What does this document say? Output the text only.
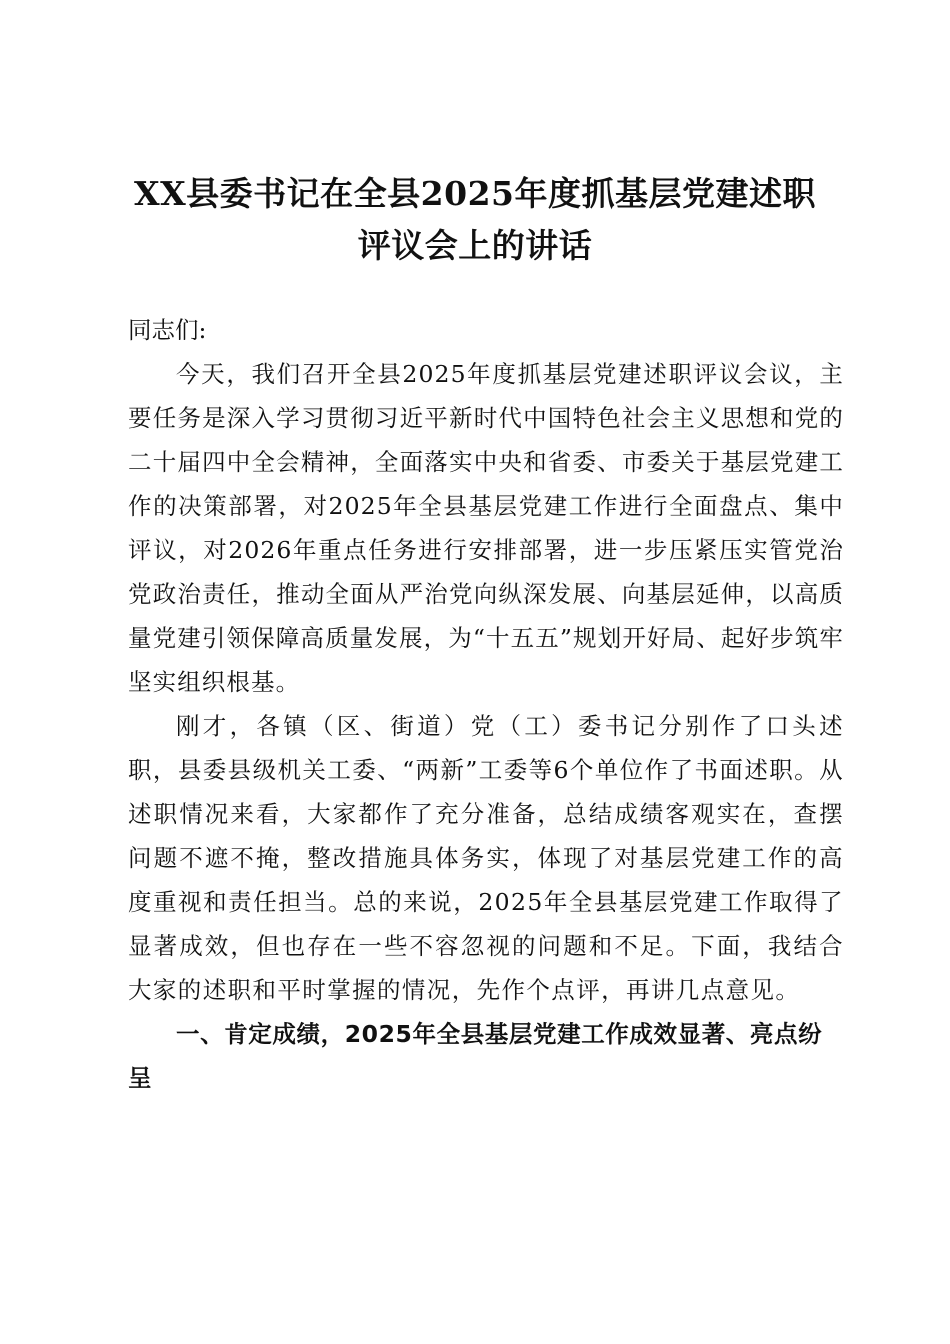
XX县委书记在全县2025年度抓基层党建述职
评议会上的讲话

同志们:

今天，我们召开全县2025年度抓基层党建述职评议会议，主要任务是深入学习贯彻习近平新时代中国特色社会主义思想和党的二十届四中全会精神，全面落实中央和省委、市委关于基层党建工作的决策部署，对2025年全县基层党建工作进行全面盘点、集中评议，对2026年重点任务进行安排部署，进一步压紧压实管党治党政治责任，推动全面从严治党向纵深发展、向基层延伸，以高质量党建引领保障高质量发展，为“十五五”规划开好局、起好步筑牢坚实组织根基。

刚才，各镇（区、街道）党（工）委书记分别作了口头述职，县委县级机关工委、“两新”工委等6个单位作了书面述职。从述职情况来看，大家都作了充分准备，总结成绩客观实在，查摆问题不遮不掩，整改措施具体务实，体现了对基层党建工作的高度重视和责任担当。总的来说，2025年全县基层党建工作取得了显著成效，但也存在一些不容忽视的问题和不足。下面，我结合大家的述职和平时掌握的情况，先作个点评，再讲几点意见。

一、肯定成绩，2025年全县基层党建工作成效显著、亮点纷呈
